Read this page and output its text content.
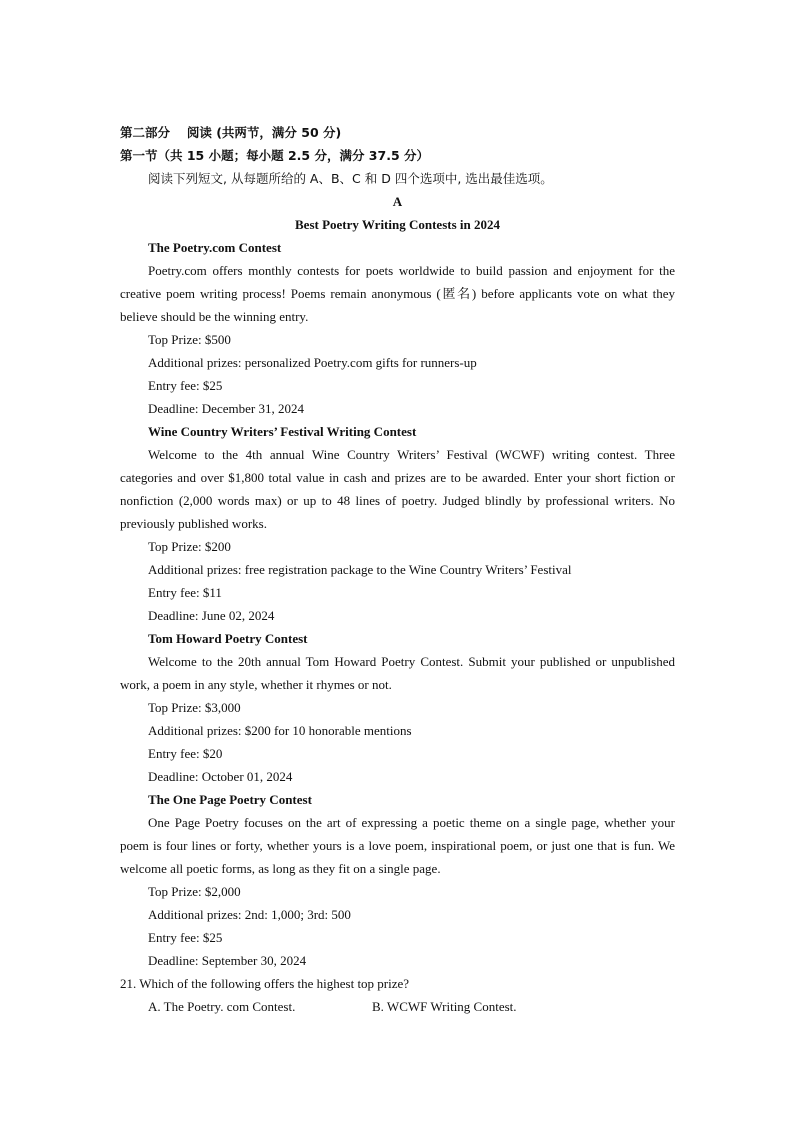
第二部分　 阅读 (共两节，满分 50 分)
第一节（共 15 小题；每小题 2.5 分，满分 37.5 分）
阅读下列短文, 从每题所给的 A、B、C 和 D 四个选项中, 选出最佳选项。
A
Best Poetry Writing Contests in 2024
The Poetry.com Contest

Poetry.com offers monthly contests for poets worldwide to build passion and enjoyment for the creative poem writing process! Poems remain anonymous (匿名) before applicants vote on what they believe should be the winning entry.

Top Prize: $500
Additional prizes: personalized Poetry.com gifts for runners-up
Entry fee: $25
Deadline: December 31, 2024
Wine Country Writers’ Festival Writing Contest

Welcome to the 4th annual Wine Country Writers’ Festival (WCWF) writing contest. Three categories and over $1,800 total value in cash and prizes are to be awarded. Enter your short fiction or nonfiction (2,000 words max) or up to 48 lines of poetry. Judged blindly by professional writers. No previously published works.

Top Prize: $200
Additional prizes: free registration package to the Wine Country Writers’ Festival
Entry fee: $11
Deadline: June 02, 2024
Tom Howard Poetry Contest

Welcome to the 20th annual Tom Howard Poetry Contest. Submit your published or unpublished work, a poem in any style, whether it rhymes or not.

Top Prize: $3,000
Additional prizes: $200 for 10 honorable mentions
Entry fee: $20
Deadline: October 01, 2024
The One Page Poetry Contest

One Page Poetry focuses on the art of expressing a poetic theme on a single page, whether your poem is four lines or forty, whether yours is a love poem, inspirational poem, or just one that is fun. We welcome all poetic forms, as long as they fit on a single page.

Top Prize: $2,000
Additional prizes: 2nd: 1,000; 3rd: 500
Entry fee: $25
Deadline: September 30, 2024
21. Which of the following offers the highest top prize?
A. The Poetry. com Contest.	B. WCWF Writing Contest.
